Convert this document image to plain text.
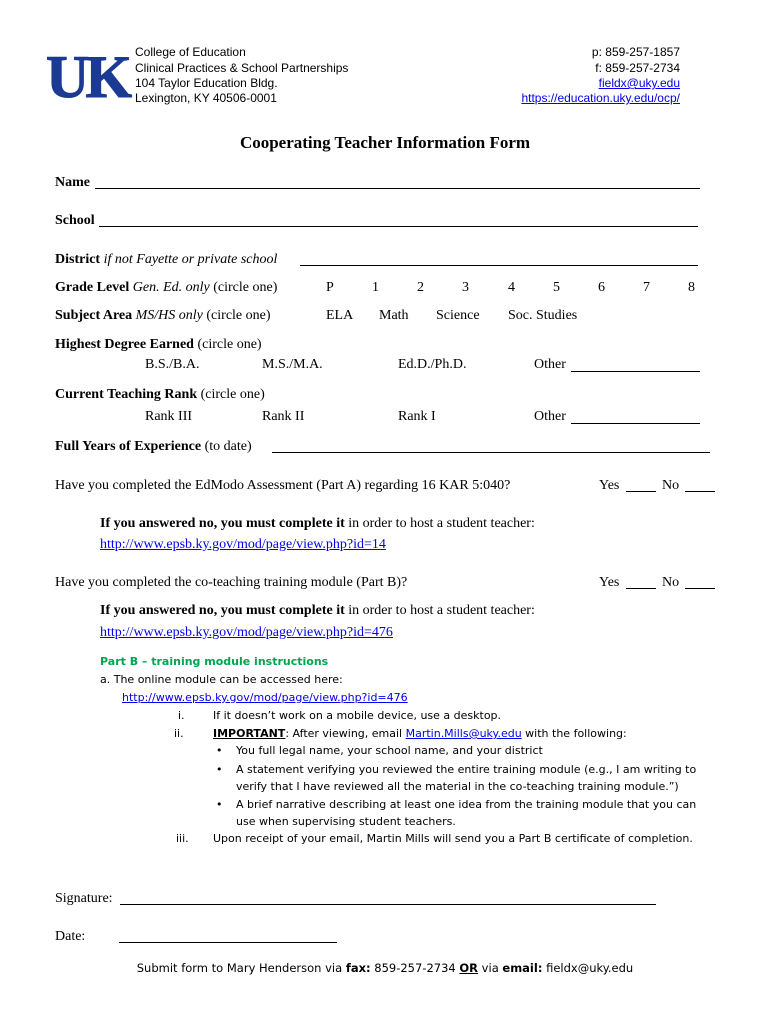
UK College of Education
Clinical Practices & School Partnerships
104 Taylor Education Bldg.
Lexington, KY 40506-0001
p: 859-257-1857
f: 859-257-2734
fieldx@uky.edu
https://education.uky.edu/ocp/
Cooperating Teacher Information Form
Name
School
District if not Fayette or private school
Grade Level Gen. Ed. only (circle one)	P	1	2	3	4	5	6	7	8
Subject Area MS/HS only (circle one)	ELA Math Science Soc. Studies
Highest Degree Earned (circle one)
B.S./B.A.	M.S./M.A.	Ed.D./Ph.D.	Other
Current Teaching Rank (circle one)
Rank III	Rank II	Rank I	Other
Full Years of Experience (to date)
Have you completed the EdModo Assessment (Part A) regarding 16 KAR 5:040?	Yes	No
If you answered no, you must complete it in order to host a student teacher:
http://www.epsb.ky.gov/mod/page/view.php?id=14
Have you completed the co-teaching training module (Part B)?	Yes	No
If you answered no, you must complete it in order to host a student teacher:
http://www.epsb.ky.gov/mod/page/view.php?id=476
Part B – training module instructions
a. The online module can be accessed here:
http://www.epsb.ky.gov/mod/page/view.php?id=476
i.	If it doesn’t work on a mobile device, use a desktop.
ii.	IMPORTANT: After viewing, email Martin.Mills@uky.edu with the following:
• You full legal name, your school name, and your district
• A statement verifying you reviewed the entire training module (e.g., I am writing to
verify that I have reviewed all the material in the co-teaching training module.”)
• A brief narrative describing at least one idea from the training module that you can
use when supervising student teachers.
iii. Upon receipt of your email, Martin Mills will send you a Part B certificate of completion.
Signature:
Date:
Submit form to Mary Henderson via fax: 859-257-2734 OR via email: fieldx@uky.edu
